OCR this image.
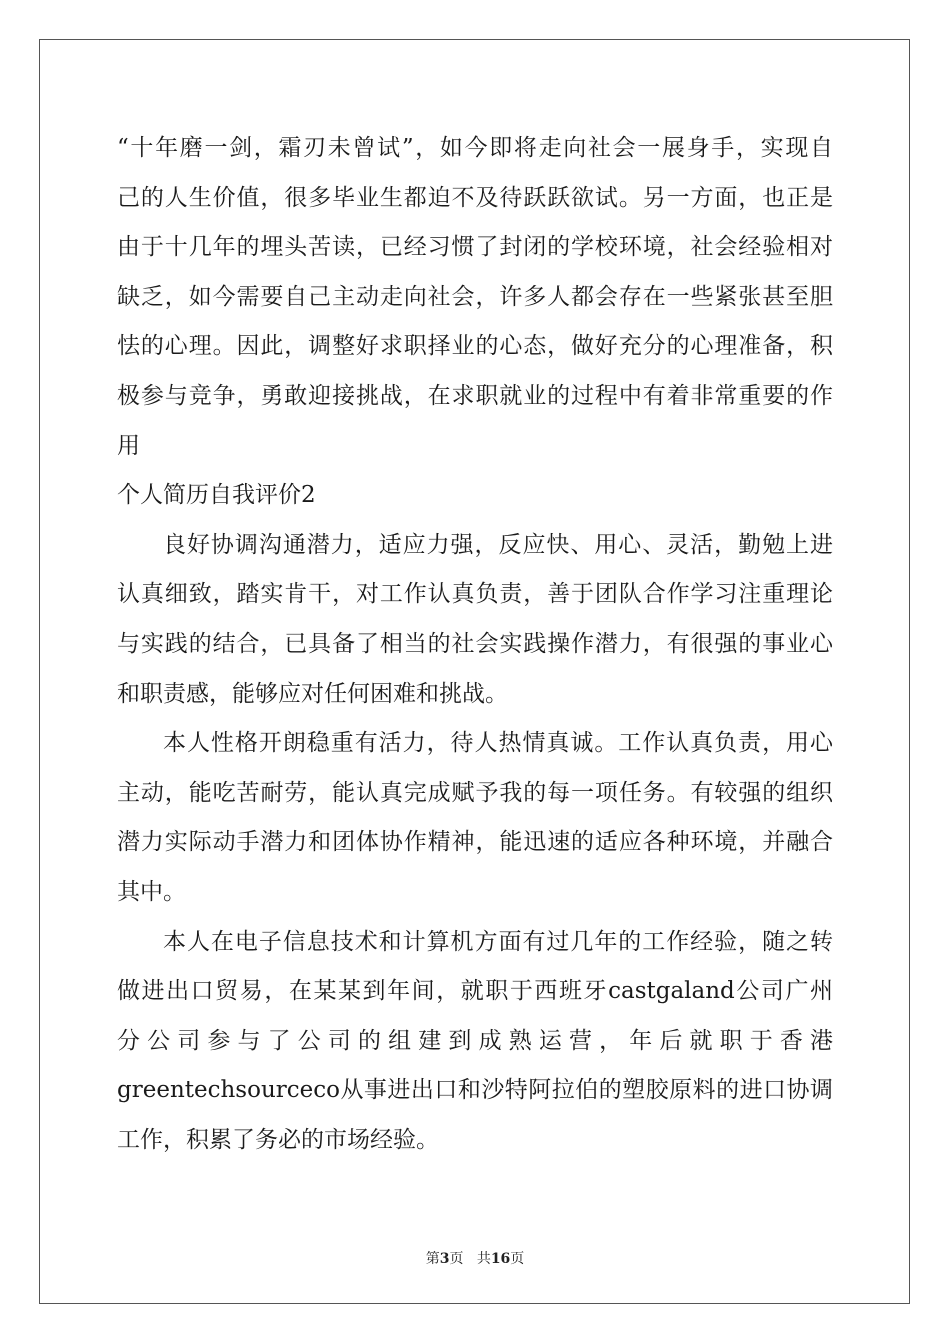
“十年磨一剑，霜刃未曾试”，如今即将走向社会一展身手，实现自
己的人生价值，很多毕业生都迫不及待跃跃欲试。另一方面，也正是
由于十几年的埋头苦读，已经习惯了封闭的学校环境，社会经验相对
缺乏，如今需要自己主动走向社会，许多人都会存在一些紧张甚至胆
怯的心理。因此，调整好求职择业的心态，做好充分的心理准备，积
极参与竞争，勇敢迎接挑战，在求职就业的过程中有着非常重要的作
用
个人简历自我评价2
良好协调沟通潜力，适应力强，反应快、用心、灵活，勤勉上进
认真细致，踏实肯干，对工作认真负责，善于团队合作学习注重理论
与实践的结合，已具备了相当的社会实践操作潜力，有很强的事业心
和职责感，能够应对任何困难和挑战。
本人性格开朗稳重有活力，待人热情真诚。工作认真负责，用心
主动，能吃苦耐劳，能认真完成赋予我的每一项任务。有较强的组织
潜力实际动手潜力和团体协作精神，能迅速的适应各种环境，并融合
其中。
本人在电子信息技术和计算机方面有过几年的工作经验，随之转
做进出口贸易，在某某到年间，就职于西班牙castgaland公司广州
分公司参与了公司的组建到成熟运营，年后就职于香港
greentechsourceco从事进出口和沙特阿拉伯的塑胶原料的进口协调
工作，积累了务必的市场经验。
第3页 共16页
